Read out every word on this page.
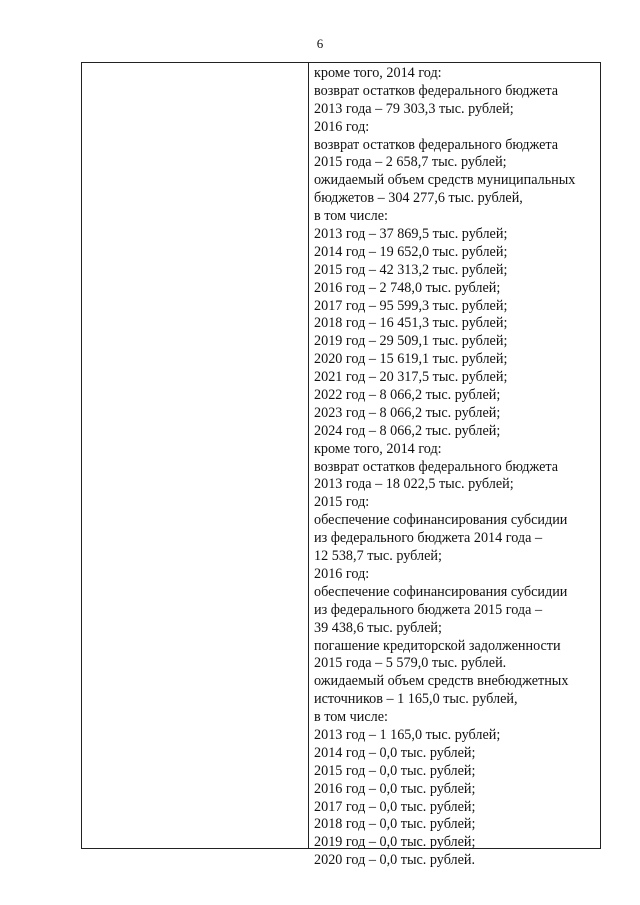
6
кроме того, 2014 год:
возврат остатков федерального бюджета
2013 года – 79 303,3 тыс. рублей;
2016 год:
возврат остатков федерального бюджета
2015 года – 2 658,7 тыс. рублей;
ожидаемый объем средств муниципальных
бюджетов – 304 277,6 тыс. рублей,
в том числе:
2013 год – 37 869,5 тыс. рублей;
2014 год – 19 652,0 тыс. рублей;
2015 год – 42 313,2 тыс. рублей;
2016 год – 2 748,0 тыс. рублей;
2017 год – 95 599,3 тыс. рублей;
2018 год – 16 451,3 тыс. рублей;
2019 год – 29 509,1 тыс. рублей;
2020 год – 15 619,1 тыс. рублей;
2021 год – 20 317,5 тыс. рублей;
2022 год – 8 066,2 тыс. рублей;
2023 год – 8 066,2 тыс. рублей;
2024 год – 8 066,2 тыс. рублей;
кроме того, 2014 год:
возврат остатков федерального бюджета
2013 года – 18 022,5 тыс. рублей;
2015 год:
обеспечение софинансирования субсидии
из федерального бюджета 2014 года –
12 538,7 тыс. рублей;
2016 год:
обеспечение софинансирования субсидии
из федерального бюджета 2015 года –
39 438,6 тыс. рублей;
погашение кредиторской задолженности
2015 года – 5 579,0 тыс. рублей.
ожидаемый объем средств внебюджетных
источников – 1 165,0 тыс. рублей,
в том числе:
2013 год – 1 165,0 тыс. рублей;
2014 год – 0,0 тыс. рублей;
2015 год – 0,0 тыс. рублей;
2016 год – 0,0 тыс. рублей;
2017 год – 0,0 тыс. рублей;
2018 год – 0,0 тыс. рублей;
2019 год – 0,0 тыс. рублей;
2020 год – 0,0 тыс. рублей.
